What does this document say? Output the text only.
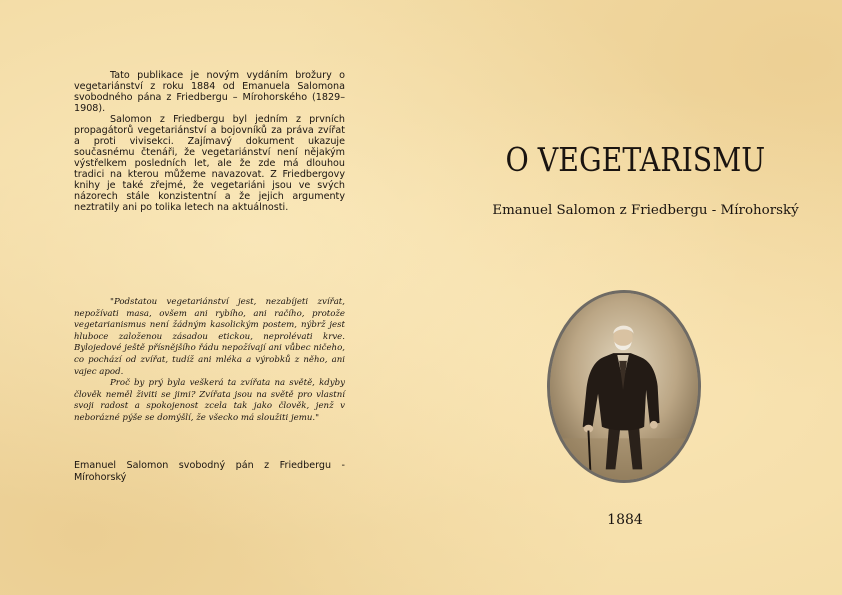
Tato publikace je novým vydáním brožury o vegetariánství z roku 1884 od Emanuela Salomona svobodného pána z Friedbergu – Mírohorského (1829–1908).

Salomon z Friedbergu byl jedním z prvních propagátorů vegetariánství a bojovníků za práva zvířat a proti vivisekci. Zajímavý dokument ukazuje současnému čtenáři, že vegetariánství není nějakým výstřelkem posledních let, ale že zde má dlouhou tradici na kterou můžeme navazovat. Z Friedbergovy knihy je také zřejmé, že vegetariáni jsou ve svých názorech stále konzistentní a že jejich argumenty neztratily ani po tolika letech na aktuálnosti.

"Podstatou vegetariánství jest, nezabíjeti zvířat, nepožívati masa, ovšem ani rybího, ani račího, protože vegetarianismus není žádným kasolickým postem, nýbrž jest hluboce založenou zásadou etickou, neprolévati krve. Bylojedové ještě přísnějšího řádu nepožívají ani vůbec ničeho, co pochází od zvířat, tudíž ani mléka a výrobků z něho, ani vajec apod.

Proč by prý byla veškerá ta zvířata na světě, kdyby člověk neměl živiti se jimi? Zvířata jsou na světě pro vlastní svoji radost a spokojenost zcela tak jako člověk, jenž v neborázné pýše se domýšlí, že všecko má sloužiti jemu."

Emanuel Salomon svobodný pán z Friedbergu - Mírohorský
O VEGETARISMU
Emanuel Salomon z Friedbergu - Mírohorský
1884
